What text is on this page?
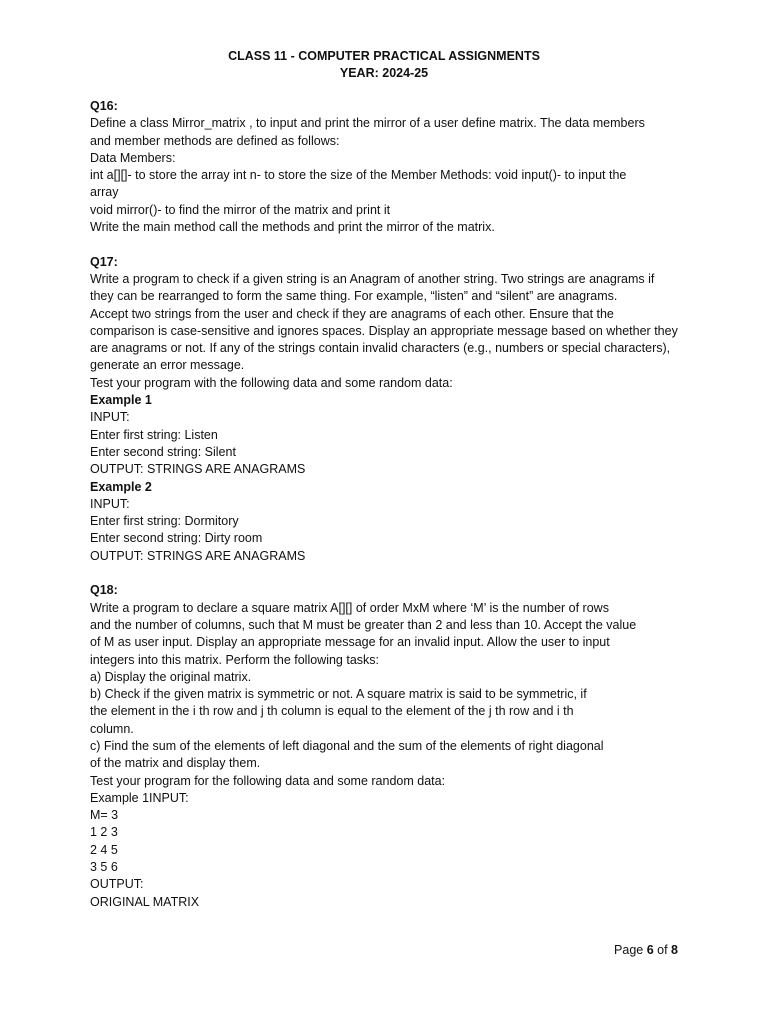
CLASS 11 - COMPUTER PRACTICAL ASSIGNMENTS
YEAR: 2024-25
Q16:
Define a class Mirror_matrix , to input and print the mirror of a user define matrix. The data members
and member methods are defined as follows:
Data Members:
int a[][]- to store the array int n- to store the size of the Member Methods: void input()- to input the
array
void mirror()- to find the mirror of the matrix and print it
Write the main method call the methods and print the mirror of the matrix.
Q17:
Write a program to check if a given string is an Anagram of another string. Two strings are anagrams if
they can be rearranged to form the same thing. For example, “listen” and “silent” are anagrams.
Accept two strings from the user and check if they are anagrams of each other. Ensure that the
comparison is case-sensitive and ignores spaces. Display an appropriate message based on whether they
are anagrams or not. If any of the strings contain invalid characters (e.g., numbers or special characters),
generate an error message.
Test your program with the following data and some random data:
Example 1
INPUT:
Enter first string: Listen
Enter second string: Silent
OUTPUT: STRINGS ARE ANAGRAMS
Example 2
INPUT:
Enter first string: Dormitory
Enter second string: Dirty room
OUTPUT: STRINGS ARE ANAGRAMS
Q18:
Write a program to declare a square matrix A[][] of order MxM where ‘M’ is the number of rows
and the number of columns, such that M must be greater than 2 and less than 10. Accept the value
of M as user input. Display an appropriate message for an invalid input. Allow the user to input
integers into this matrix. Perform the following tasks:
a) Display the original matrix.
b) Check if the given matrix is symmetric or not. A square matrix is said to be symmetric, if
the element in the i th row and j th column is equal to the element of the j th row and i th
column.
c) Find the sum of the elements of left diagonal and the sum of the elements of right diagonal
of the matrix and display them.
Test your program for the following data and some random data:
Example 1INPUT:
M= 3
1 2 3
2 4 5
3 5 6
OUTPUT:
ORIGINAL MATRIX
Page 6 of 8
